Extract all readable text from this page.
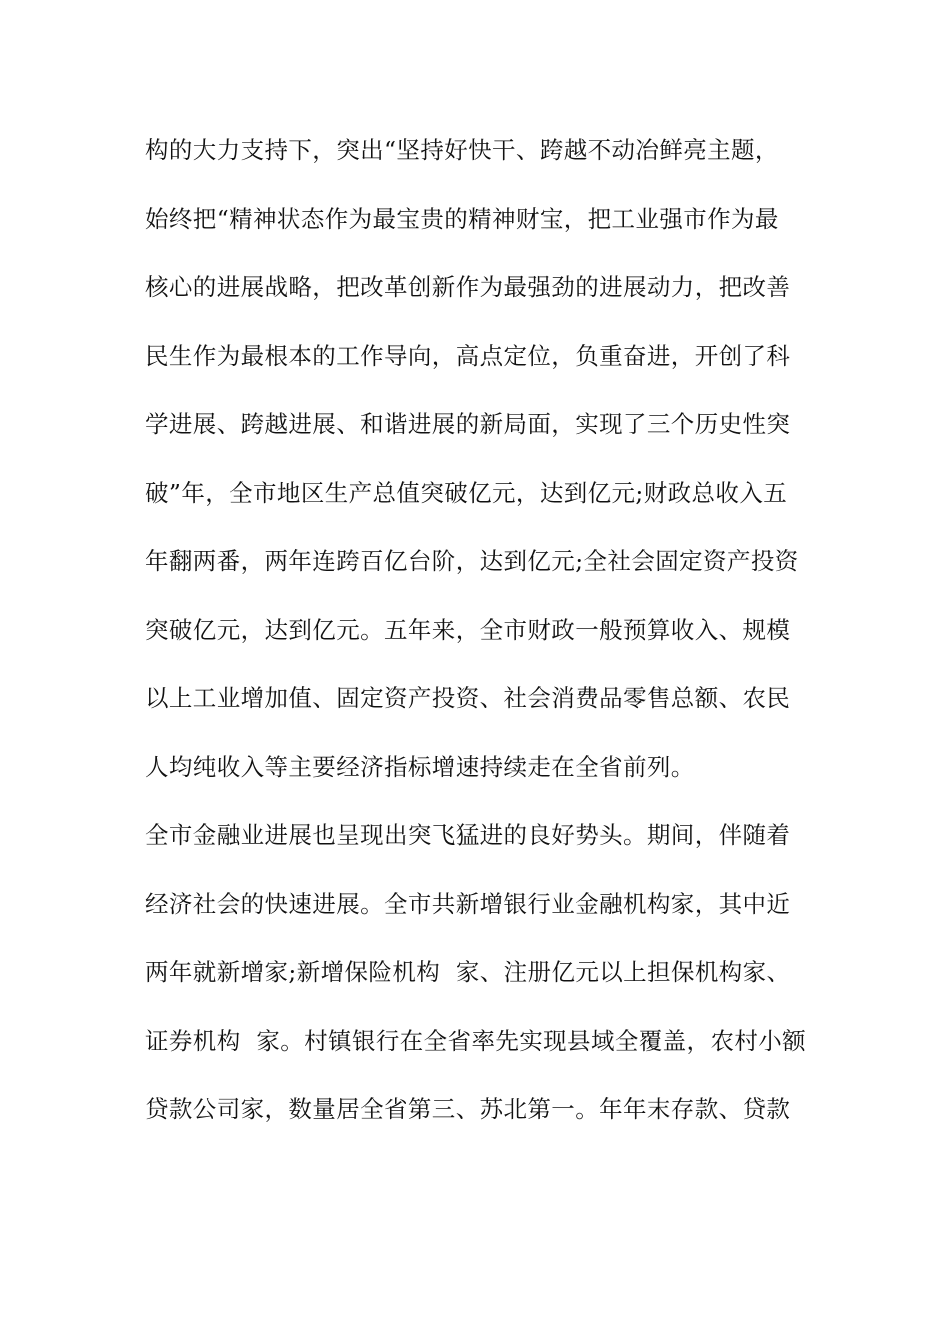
构的大力支持下，突出“坚持好快干、跨越不动冶鲜亮主题，
始终把“精神状态作为最宝贵的精神财宝，把工业强市作为最
核心的进展战略，把改革创新作为最强劲的进展动力，把改善
民生作为最根本的工作导向，高点定位，负重奋进，开创了科
学进展、跨越进展、和谐进展的新局面，实现了三个历史性突
破”年，全市地区生产总值突破亿元，达到亿元;财政总收入五
年翻两番，两年连跨百亿台阶，达到亿元;全社会固定资产投资
突破亿元，达到亿元。五年来，全市财政一般预算收入、规模
以上工业增加值、固定资产投资、社会消费品零售总额、农民
人均纯收入等主要经济指标增速持续走在全省前列。
全市金融业进展也呈现出突飞猛进的良好势头。期间，伴随着
经济社会的快速进展。全市共新增银行业金融机构家，其中近
两年就新增家;新增保险机构  家、注册亿元以上担保机构家、
证券机构  家。村镇银行在全省率先实现县域全覆盖，农村小额
贷款公司家，数量居全省第三、苏北第一。年年末存款、贷款
